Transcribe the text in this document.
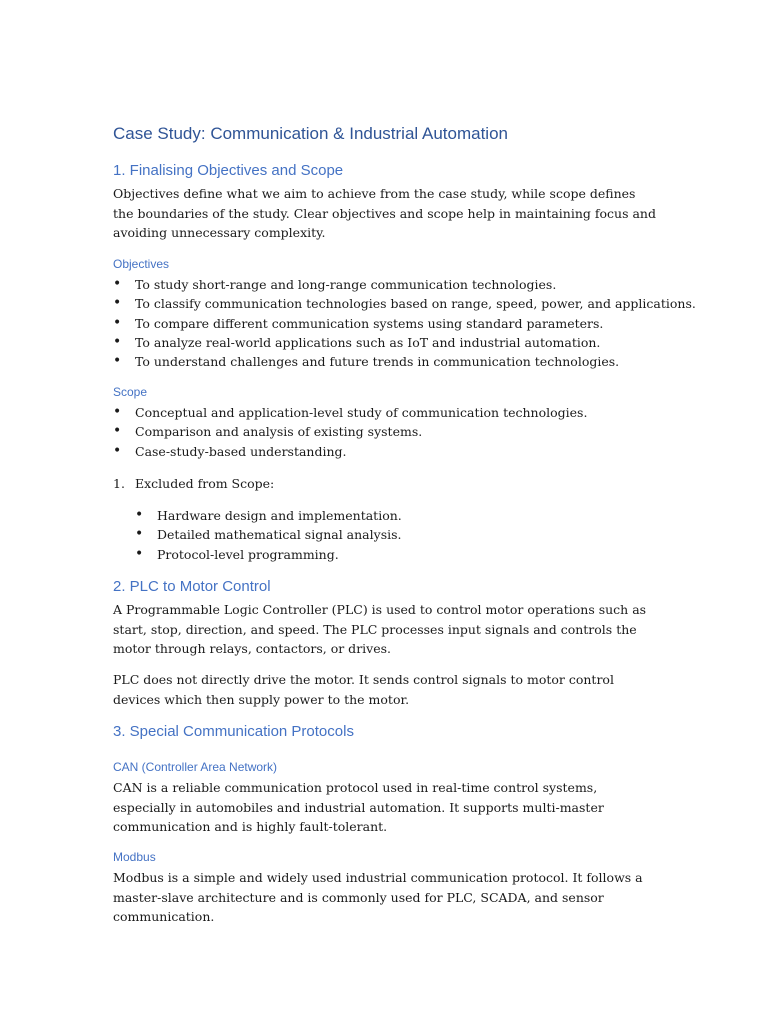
Case Study: Communication & Industrial Automation
1. Finalising Objectives and Scope

Objectives define what we aim to achieve from the case study, while scope defines the boundaries of the study. Clear objectives and scope help in maintaining focus and avoiding unnecessary complexity.

Objectives
• To study short-range and long-range communication technologies.
• To classify communication technologies based on range, speed, power, and applications.
• To compare different communication systems using standard parameters.
• To analyze real-world applications such as IoT and industrial automation.
• To understand challenges and future trends in communication technologies.
Scope
• Conceptual and application-level study of communication technologies.
• Comparison and analysis of existing systems.
• Case-study-based understanding.
1. Excluded from Scope:
• Hardware design and implementation.
• Detailed mathematical signal analysis.
• Protocol-level programming.
2. PLC to Motor Control

A Programmable Logic Controller (PLC) is used to control motor operations such as start, stop, direction, and speed. The PLC processes input signals and controls the motor through relays, contactors, or drives.

PLC does not directly drive the motor. It sends control signals to motor control devices which then supply power to the motor.

3. Special Communication Protocols
CAN (Controller Area Network)

CAN is a reliable communication protocol used in real-time control systems, especially in automobiles and industrial automation. It supports multi-master communication and is highly fault-tolerant.

Modbus

Modbus is a simple and widely used industrial communication protocol. It follows a master-slave architecture and is commonly used for PLC, SCADA, and sensor communication.
